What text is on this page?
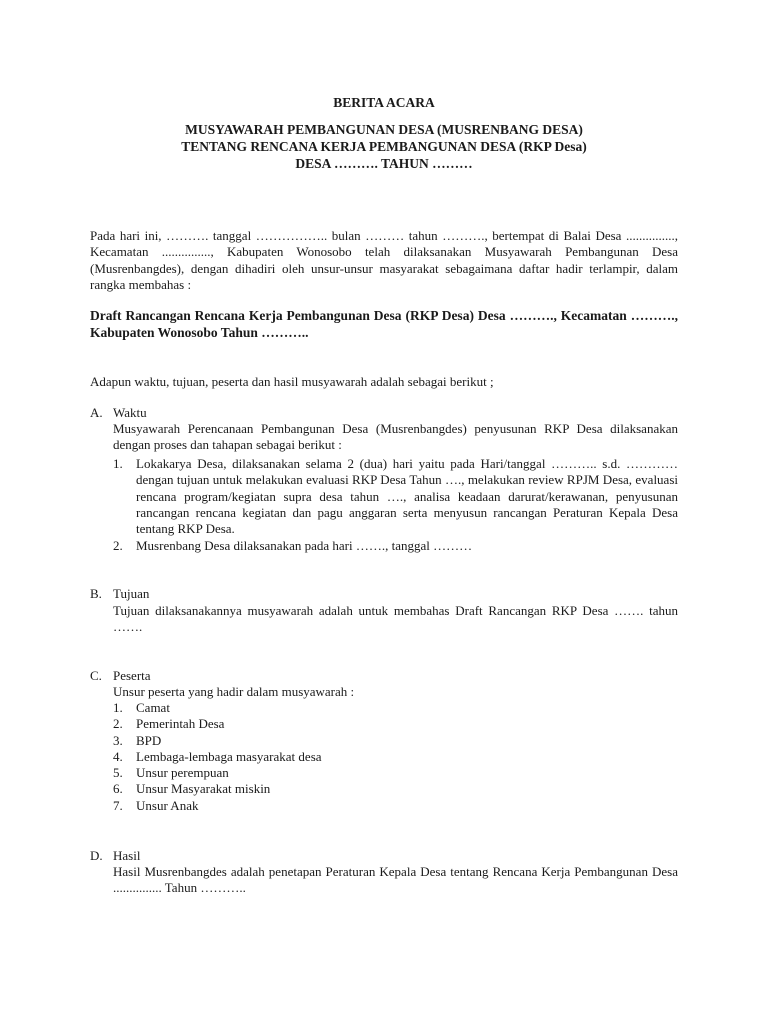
BERITA ACARA
MUSYAWARAH PEMBANGUNAN DESA (MUSRENBANG DESA)
TENTANG RENCANA KERJA PEMBANGUNAN DESA (RKP Desa)
DESA ………. TAHUN ………
Pada hari ini, ………. tanggal …………….. bulan ……… tahun ………., bertempat di Balai Desa ..............., Kecamatan ..............., Kabupaten Wonosobo telah dilaksanakan Musyawarah Pembangunan Desa (Musrenbangdes), dengan dihadiri oleh unsur-unsur masyarakat sebagaimana daftar hadir terlampir, dalam rangka membahas :
Draft Rancangan Rencana Kerja Pembangunan Desa (RKP Desa) Desa ………., Kecamatan ………., Kabupaten Wonosobo Tahun ………..
Adapun waktu, tujuan, peserta dan hasil musyawarah adalah sebagai berikut ;
A. Waktu
Musyawarah Perencanaan Pembangunan Desa (Musrenbangdes) penyusunan RKP Desa dilaksanakan dengan proses dan tahapan sebagai berikut :
1. Lokakarya Desa, dilaksanakan selama 2 (dua) hari yaitu pada Hari/tanggal ……….. s.d. ………… dengan tujuan untuk melakukan evaluasi RKP Desa Tahun …., melakukan review RPJM Desa, evaluasi rencana program/kegiatan supra desa tahun …., analisa keadaan darurat/kerawanan, penyusunan rancangan rencana kegiatan dan pagu anggaran serta menyusun rancangan Peraturan Kepala Desa tentang RKP Desa.
2. Musrenbang Desa dilaksanakan pada hari ……., tanggal ………
B. Tujuan
Tujuan dilaksanakannya musyawarah adalah untuk membahas Draft Rancangan RKP Desa ……. tahun …….
C. Peserta
Unsur peserta yang hadir dalam musyawarah :
1. Camat
2. Pemerintah Desa
3. BPD
4. Lembaga-lembaga masyarakat desa
5. Unsur perempuan
6. Unsur Masyarakat miskin
7. Unsur Anak
D. Hasil
Hasil Musrenbangdes adalah penetapan Peraturan Kepala Desa tentang Rencana Kerja Pembangunan Desa ............... Tahun ………..
